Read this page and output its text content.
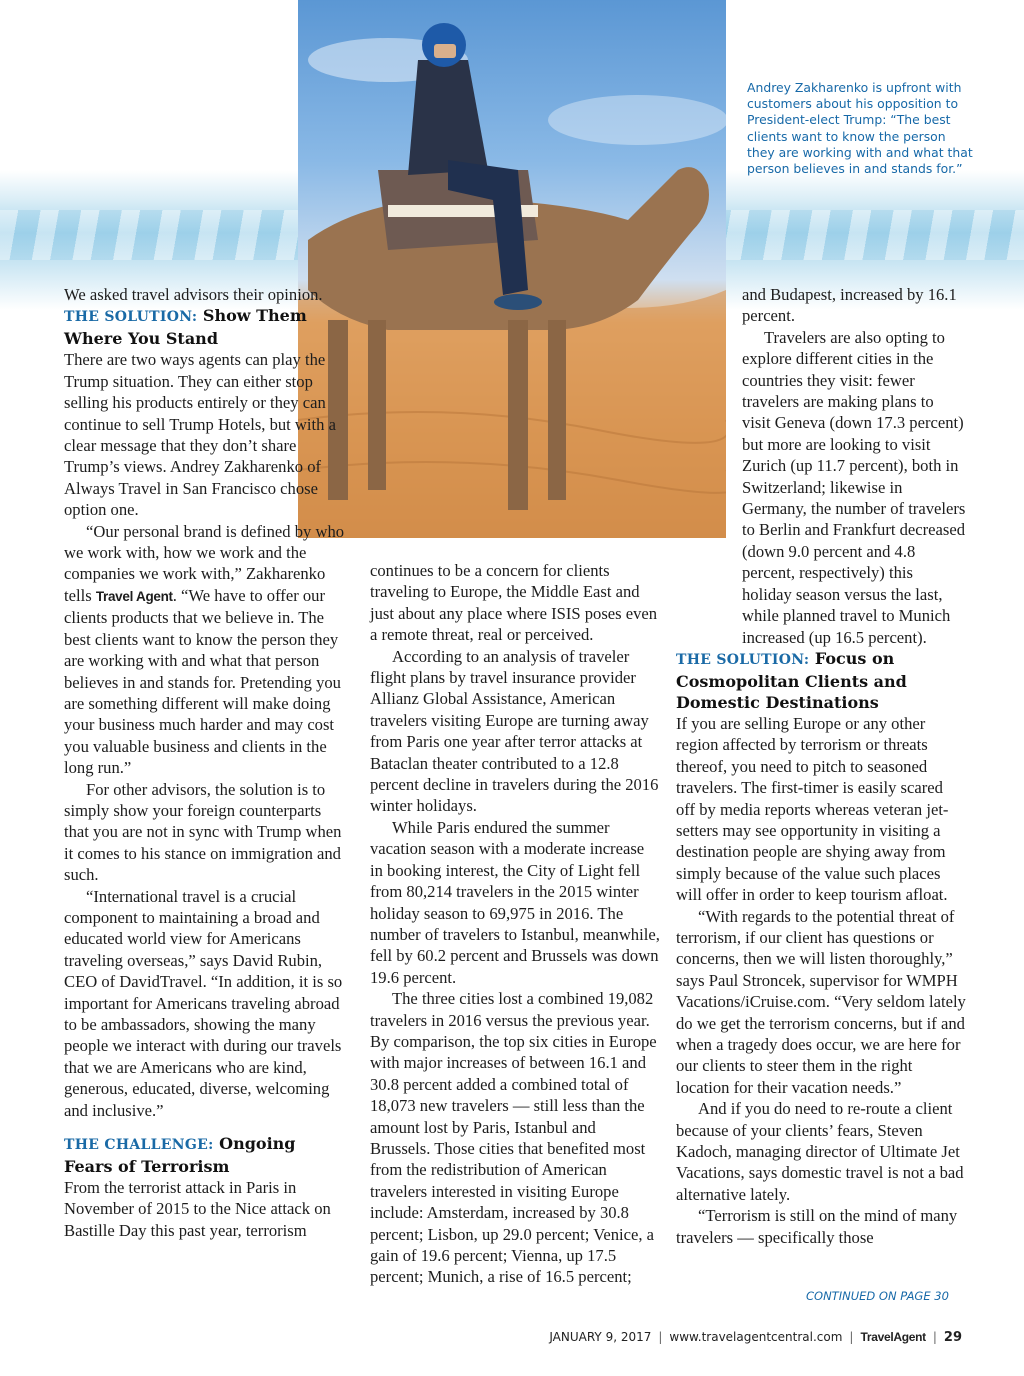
Andrey Zakharenko is upfront with customers about his opposition to President-elect Trump: “The best clients want to know the person they are working with and what that person believes in and stands for.”

We asked travel advisors their opinion.

THE SOLUTION: Show Them Where You Stand

There are two ways agents can play the Trump situation. They can either stop selling his products entirely or they can continue to sell Trump Hotels, but with a clear message that they don’t share Trump’s views. Andrey Zakharenko of Always Travel in San Francisco chose option one.

“Our personal brand is defined by who we work with, how we work and the companies we work with,” Zakharenko tells Travel Agent. “We have to offer our clients products that we believe in. The best clients want to know the person they are working with and what that person believes in and stands for. Pretending you are something different will make doing your business much harder and may cost you valuable business and clients in the long run.”

For other advisors, the solution is to simply show your foreign counterparts that you are not in sync with Trump when it comes to his stance on immigration and such.

“International travel is a crucial component to maintaining a broad and educated world view for Americans traveling overseas,” says David Rubin, CEO of DavidTravel. “In addition, it is so important for Americans traveling abroad to be ambassadors, showing the many people we interact with during our travels that we are Americans who are kind, generous, educated, diverse, welcoming and inclusive.”

THE CHALLENGE: Ongoing Fears of Terrorism

From the terrorist attack in Paris in November of 2015 to the Nice attack on Bastille Day this past year, terrorism

continues to be a concern for clients traveling to Europe, the Middle East and just about any place where ISIS poses even a remote threat, real or perceived.

According to an analysis of traveler flight plans by travel insurance provider Allianz Global Assistance, American travelers visiting Europe are turning away from Paris one year after terror attacks at Bataclan theater contributed to a 12.8 percent decline in travelers during the 2016 winter holidays.

While Paris endured the summer vacation season with a moderate increase in booking interest, the City of Light fell from 80,214 travelers in the 2015 winter holiday season to 69,975 in 2016. The number of travelers to Istanbul, meanwhile, fell by 60.2 percent and Brussels was down 19.6 percent.

The three cities lost a combined 19,082 travelers in 2016 versus the previous year. By comparison, the top six cities in Europe with major increases of between 16.1 and 30.8 percent added a combined total of 18,073 new travelers — still less than the amount lost by Paris, Istanbul and Brussels. Those cities that benefited most from the redistribution of American travelers interested in visiting Europe include: Amsterdam, increased by 30.8 percent; Lisbon, up 29.0 percent; Venice, a gain of 19.6 percent; Vienna, up 17.5 percent; Munich, a rise of 16.5 percent;

and Budapest, increased by 16.1 percent.

Travelers are also opting to explore different cities in the countries they visit: fewer travelers are making plans to visit Geneva (down 17.3 percent) but more are looking to visit Zurich (up 11.7 percent), both in Switzerland; likewise in Germany, the number of travelers to Berlin and Frankfurt decreased (down 9.0 percent and 4.8 percent, respectively) this holiday season versus the last, while planned travel to Munich increased (up 16.5 percent).

THE SOLUTION: Focus on Cosmopolitan Clients and Domestic Destinations

If you are selling Europe or any other region affected by terrorism or threats thereof, you need to pitch to seasoned travelers. The first-timer is easily scared off by media reports whereas veteran jet-setters may see opportunity in visiting a destination people are shying away from simply because of the value such places will offer in order to keep tourism afloat.

“With regards to the potential threat of terrorism, if our client has questions or concerns, then we will listen thoroughly,” says Paul Stroncek, supervisor for WMPH Vacations/iCruise.com. “Very seldom lately do we get the terrorism concerns, but if and when a tragedy does occur, we are here for our clients to steer them in the right location for their vacation needs.”

And if you do need to re-route a client because of your clients’ fears, Steven Kadoch, managing director of Ultimate Jet Vacations, says domestic travel is not a bad alternative lately.

“Terrorism is still on the mind of many travelers — specifically those

CONTINUED ON PAGE 30
JANUARY 9, 2017 | www.travelagentcentral.com | TravelAgent | 29
